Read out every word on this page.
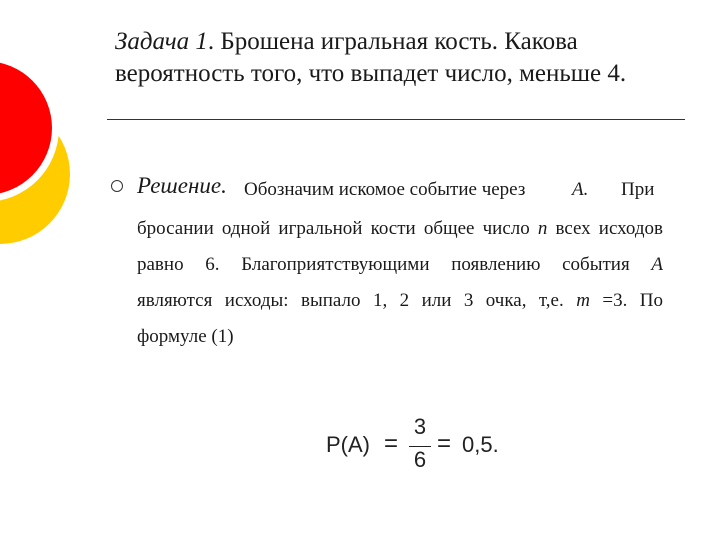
Задача 1. Брошена игральная кость. Какова
вероятность того, что выпадет число, меньше 4.

Решение. Обозначим искомое событие через A. При

бросании одной игральной кости общее число n всех исходов

равно 6. Благоприятствующими появлению события A

являются исходы: выпало 1, 2 или 3 очка, т,е. m =3. По

формуле (1)

P(A) =
3
6
= 0,5.
